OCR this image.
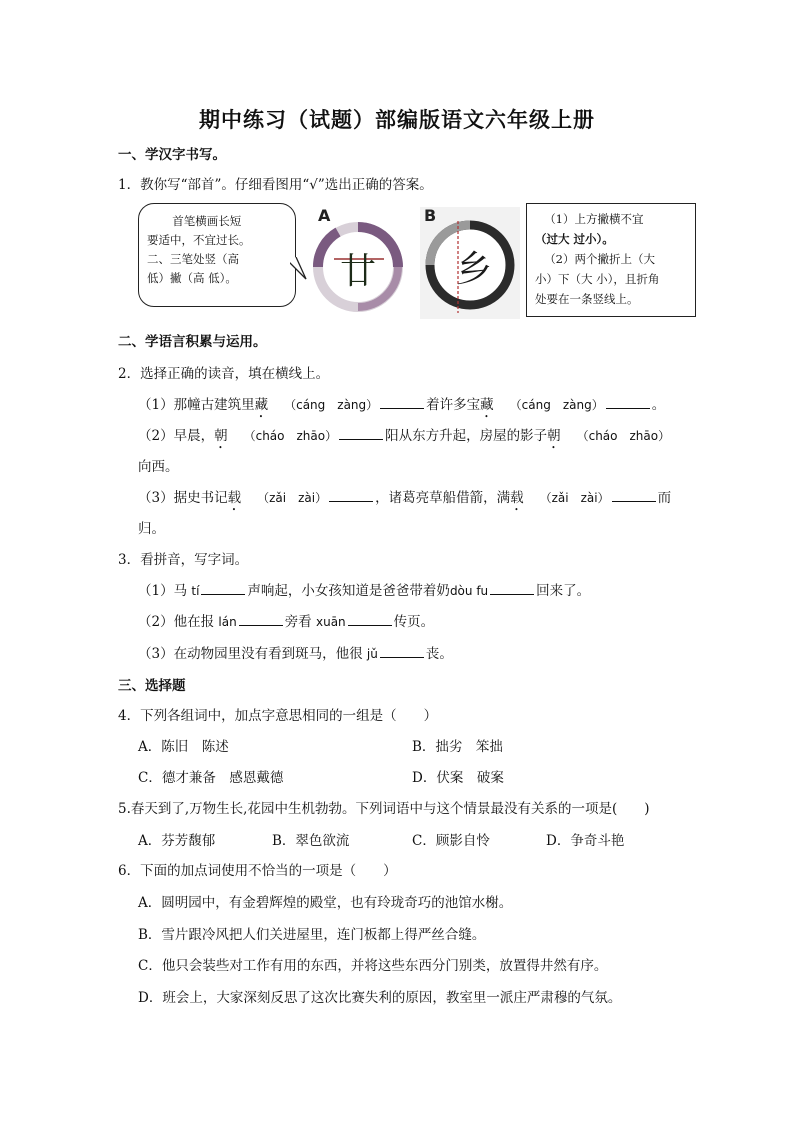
期中练习（试题）部编版语文六年级上册
一、学汉字书写。
1．教你写“部首”。仔细看图用“√”选出正确的答案。
首笔横画长短
要适中，不宜过长。
二、三笔处竖（高
低）撇（高 低）。	廿
A
乡
B	（1）上方撇横不宜
（过大 过小）。
（2）两个撇折上（大
小）下（大 小），且折角
处要在一条竖线上。
二、学语言积累与运用。
2．选择正确的读音，填在横线上。
（1）那幢古建筑里藏 （cáng　zàng）	着许多宝藏 （cáng　zàng）	。
（2）早晨，朝 （cháo　zhāo）	阳从东方升起，房屋的影子朝 （cháo　zhāo）
向西。
（3）据史书记载 （zǎi　zài）	，诸葛亮草船借箭，满载 （zǎi　zài）	而
归。
3．看拼音，写字词。
（1）马 tí	声响起，小女孩知道是爸爸带着奶dòu fu	回来了。
（2）他在报 lán	旁看 xuān	传页。
（3）在动物园里没有看到斑马，他很 jǔ	丧。
三、选择题
4．下列各组词中，加点字意思相同的一组是（　　）
A．陈旧　陈述	B．拙劣　笨拙
C．德才兼备　感恩戴德	D．伏案　破案
5.春天到了,万物生长,花园中生机勃勃。下列词语中与这个情景最没有关系的一项是(　　)
A．芬芳馥郁	B．翠色欲流	C．顾影自怜	D．争奇斗艳
6．下面的加点词使用不恰当的一项是（　　）
A．圆明园中，有金碧辉煌的殿堂，也有玲珑奇巧的池馆水榭。
B．雪片跟冷风把人们关进屋里，连门板都上得严丝合缝。
C．他只会装些对工作有用的东西，并将这些东西分门别类，放置得井然有序。
D．班会上，大家深刻反思了这次比赛失利的原因，教室里一派庄严肃穆的气氛。
